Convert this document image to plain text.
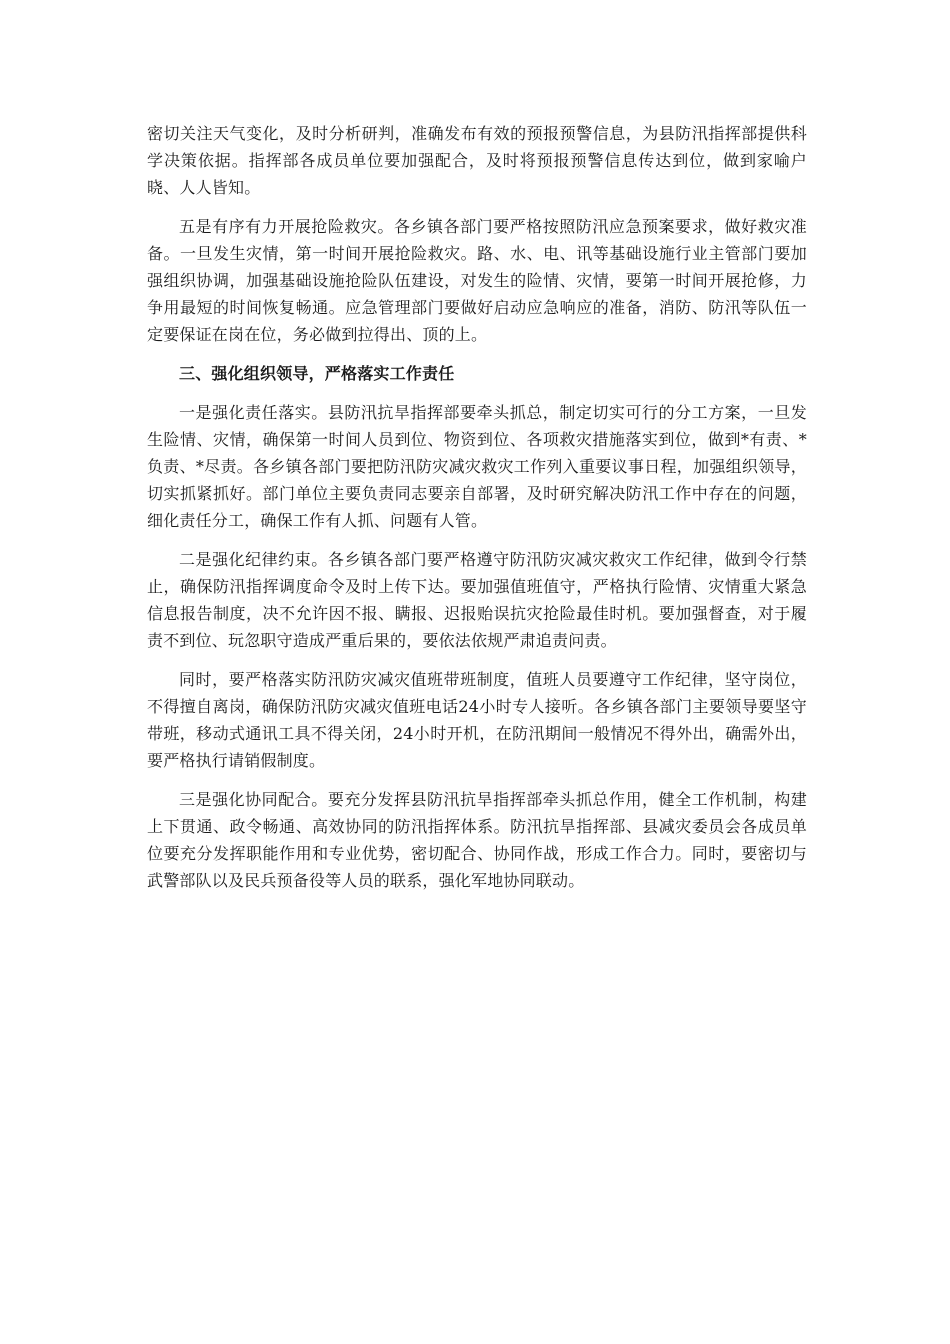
密切关注天气变化，及时分析研判，准确发布有效的预报预警信息，为县防汛指挥部提供科学决策依据。指挥部各成员单位要加强配合，及时将预报预警信息传达到位，做到家喻户晓、人人皆知。

五是有序有力开展抢险救灾。各乡镇各部门要严格按照防汛应急预案要求，做好救灾准备。一旦发生灾情，第一时间开展抢险救灾。路、水、电、讯等基础设施行业主管部门要加强组织协调，加强基础设施抢险队伍建设，对发生的险情、灾情，要第一时间开展抢修，力争用最短的时间恢复畅通。应急管理部门要做好启动应急响应的准备，消防、防汛等队伍一定要保证在岗在位，务必做到拉得出、顶的上。

三、强化组织领导，严格落实工作责任

一是强化责任落实。县防汛抗旱指挥部要牵头抓总，制定切实可行的分工方案，一旦发生险情、灾情，确保第一时间人员到位、物资到位、各项救灾措施落实到位，做到*有责、*负责、*尽责。各乡镇各部门要把防汛防灾减灾救灾工作列入重要议事日程，加强组织领导，切实抓紧抓好。部门单位主要负责同志要亲自部署，及时研究解决防汛工作中存在的问题，细化责任分工，确保工作有人抓、问题有人管。

二是强化纪律约束。各乡镇各部门要严格遵守防汛防灾减灾救灾工作纪律，做到令行禁止，确保防汛指挥调度命令及时上传下达。要加强值班值守，严格执行险情、灾情重大紧急信息报告制度，决不允许因不报、瞒报、迟报贻误抗灾抢险最佳时机。要加强督查，对于履责不到位、玩忽职守造成严重后果的，要依法依规严肃追责问责。

同时，要严格落实防汛防灾减灾值班带班制度，值班人员要遵守工作纪律，坚守岗位，不得擅自离岗，确保防汛防灾减灾值班电话24小时专人接听。各乡镇各部门主要领导要坚守带班，移动式通讯工具不得关闭，24小时开机，在防汛期间一般情况不得外出，确需外出，要严格执行请销假制度。

三是强化协同配合。要充分发挥县防汛抗旱指挥部牵头抓总作用，健全工作机制，构建上下贯通、政令畅通、高效协同的防汛指挥体系。防汛抗旱指挥部、县减灾委员会各成员单位要充分发挥职能作用和专业优势，密切配合、协同作战，形成工作合力。同时，要密切与武警部队以及民兵预备役等人员的联系，强化军地协同联动。
